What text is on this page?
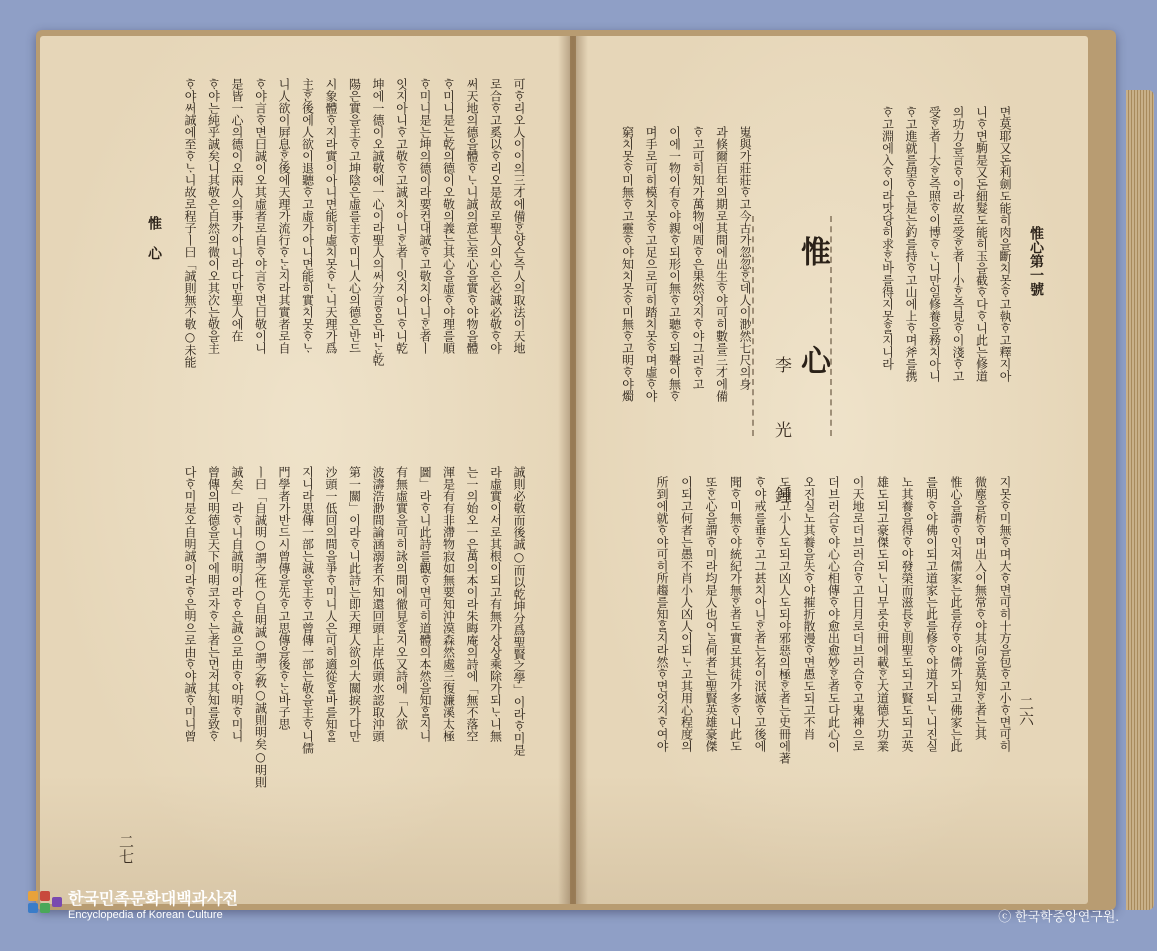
惟 心
二七
可ᄒᆞ리오人이이의三才에備ᄒᆞᆫ양슨즉人의取法이天地
로合ᄒᆞ고奚以ᄒᆞ리오是故로聖人의心은必誠必敬ᄒᆞ야
써天地의德을體ᄒᆞᄂᆞ니誠의意는至心을實ᄒᆞ야物을體
ᄒᆞ미니是는乾의德이오敬의義는其心을虛ᄒᆞ야理를順
ᄒᆞ미니是는坤의德이라要컨대誠ᄒᆞ고敬치아니ᄒᆞᆫ者ㅣ
잇지아니ᄒᆞ고敬ᄒᆞ고誠치아니ᄒᆞᆫ者ㅣ잇지아니ᄒᆞ니乾
坤에一德이오誠敬에一心이라聖人의써分言ᄒᆞᆷ은바ᄂᆞᆫ乾
陽은實을主ᄒᆞ고坤陰은虛를主ᄒᆞ미니人心의德은반드
시象體ᄒᆞ지라實이아니면能히虛치못ᄒᆞᄂᆞ니天理가爲
主ᄒᆞᆫ後에人欲이退聽ᄒᆞ고虛가아니면能히實치못ᄒᆞᄂᆞ
니人欲이屛息ᄒᆞᆫ後에天理가流行ᄒᆞᄂᆞᆫ지라其實者로自
ᄒᆞ야言ᄒᆞ면曰誠이오其虛者로自ᄒᆞ야言ᄒᆞ면曰敬이니
是皆一心의德이오兩人의事가아니라다만聖人에在
ᄒᆞ야는純乎誠矣니其敬은自然의微이오其次는敬을主
ᄒᆞ야써誠에至ᄒᆞᄂᆞ니故로程子ㅣ曰「誠則無不敬○未能
誠則必敬而後誠○而以乾坤分爲聖賢之學」이라ᄒᆞ미是
라虛實이서로其根이되고有無가상상乘除가되ᄂᆞ니無
는一의始오一은萬의本이라朱晦庵의詩에「無不落空
渾是有有非滯物寂如無要知沖漠森然處三復濂溪太極
圖」라ᄒᆞ니此詩를觀ᄒᆞ면可히道體의本然을知ᄒᆞᆯ지니
有無虛實을可히詠의間에徹見ᄒᆞᆯ지오又詩에「人欲
波濤浩渺間論涵溺者不知還回頭上岸低頭水認取沖頭
第一關」이라ᄒᆞ니此詩는即天理人欲의大關捩가다만
沙頭一低回의間을爭ᄒᆞ미니人은可히適從ᄒᆞᆯ바를知ᄒᆞᆯ
지니라思傳一部는誠을主ᄒᆞ고曾傳一部는敬을主ᄒᆞ니儒
門學者가반드시曾傳을先ᄒᆞ고思傳을後ᄒᆞᄂᆞᆫ바子思
ㅣ曰「自誠明○謂之性○自明誠○謂之敎○誠則明矣○明則
誠矣」라ᄒᆞ니自誠明이라ᄒᆞ은誠으로由ᄒᆞ야明ᄒᆞ미니
曾傳의明德을天下에明코자ᄒᆞ는者는먼저其知를致ᄒᆞ
다ᄒᆞ미是오自明誠이라ᄒᆞ은明으로由ᄒᆞ야誠ᄒᆞ미니曾
惟心第一號
二六
惟 心
李 光 鍾
면莫耶又돈利劍도能히肉을斷치못ᄒᆞ고執ᄒᆞ고釋지아
니ᄒᆞ면駒是又돈細髮도能히玉을截ᄒᆞ다ᄒᆞ니此는修道
의功力을言ᄒᆞ이라故로受ᄒᆞᆫ者ㅣ小ᄒᆞᆫ즉見ᄒᆞ이淺ᄒᆞ고
受ᄒᆞᆫ者ㅣ大ᄒᆞᆫ즉照ᄒᆞ이博ᄒᆞᄂᆞ니만일修養을務치아니
ᄒᆞ고進就를望ᄒᆞ은是는釣를持ᄒᆞ고山에上ᄒᆞ며斧를携
ᄒᆞ고淵에入ᄒᆞ이라맛당히求ᄒᆞᆫ바를得지못ᄒᆞᆯ지니라
嵬與가莊莊ᄒᆞ고今古가忽忽ᄒᆞᆫ데人이渺然七尺의身
과倏爾百年의期로其間에出生ᄒᆞ야可히數를三才에備
ᄒᆞ고可히知가萬物에周ᄒᆞ은果然엇지ᄒᆞ야그러ᄒᆞ고
이에一物이有ᄒᆞ야親ᄒᆞ되形이無ᄒᆞ고聽ᄒᆞ되聲이無ᄒᆞ
며手로可히模치못ᄒᆞ고足으로可히踏치못ᄒᆞ며虛ᄒᆞ야
窮치못ᄒᆞ미無ᄒᆞ고靈ᄒᆞ야知치못ᄒᆞ미無ᄒᆞ고明ᄒᆞ야燭
지못ᄒᆞ미無ᄒᆞ며大ᄒᆞ면可히十方을包ᄒᆞ고小ᄒᆞ면可히
微塵을析ᄒᆞ며出入이無常ᄒᆞ야其向을莫知ᄒᆞᆫ者는其
惟心을謂ᄒᆞ인저儒家는此를存ᄒᆞ야儒가되고佛家는此
를明ᄒᆞ야佛이되고道家는此를修ᄒᆞ야道가되ᄂᆞ니진실
노其養을得ᄒᆞ야發榮而滋長ᄒᆞᆫ則聖도되고賢도되고英
雄도되고豪傑도되ᄂᆞ니무릇史冊에載ᄒᆞᆫ大道德大功業
이天地로더브러合ᄒᆞ고日月로더브러合ᄒᆞ고鬼神으로
더브러合ᄒᆞ야心心相傳ᄒᆞ야愈出愈妙ᄒᆞᆫ者도다此心이
오진실노其養을失ᄒᆞ야摧折散漫ᄒᆞ면愚도되고不肖
도되고小人도되고凶人도되야邪惡의極ᄒᆞᆫ者는史冊에著
ᄒᆞ야戒를垂ᄒᆞ고그甚치아니ᄒᆞᆫ者는名이泯滅ᄒᆞ고後에
聞ᄒᆞ미無ᄒᆞ야統紀가無ᄒᆞᆫ者도實로其徒가多ᄒᆞ니此도
또ᄒᆞᆫ心을謂ᄒᆞ미라均是人也어ᄂᆞᆯ何者는聖賢英雄豪傑
이되고何者는愚不肖小人凶人이되ᄂᆞ고其用心程度의
所到에就ᄒᆞ야可히所趨를知ᄒᆞᆯ지라然ᄒᆞ면엇지ᄒᆞ여야
한국민족문화대백과사전
Encyclopedia of Korean Culture	ⓒ 한국학중앙연구원.
